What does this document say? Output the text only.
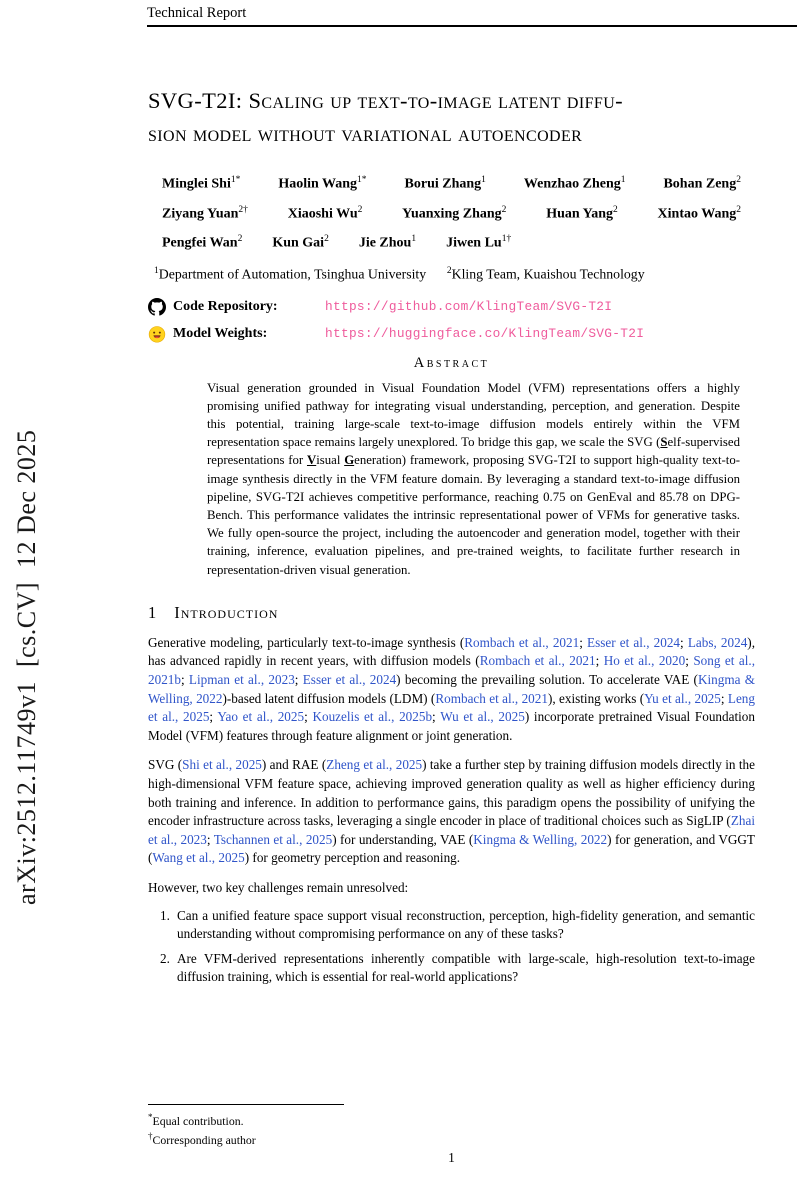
arXiv:2512.11749v1  [cs.CV]  12 Dec 2025
Technical Report
SVG-T2I: Scaling up text-to-image latent diffu-
sion model without variational autoencoder
Minglei Shi$^{1*}$	Haolin Wang$^{1*}$	Borui Zhang$^1$	Wenzhao Zheng$^1$	Bohan Zeng$^2$
Ziyang Yuan$^{2\dagger}$	Xiaoshi Wu$^2$	Yuanxing Zhang$^2$	Huan Yang$^2$	Xintao Wang$^2$
Pengfei Wan$^2$ Kun Gai$^2$ Jie Zhou$^1$ Jiwen $Lu^{1\dagger}$
$^1$Department of Automation, Tsinghua University $^2$Kling Team, Kuaishou Technology
Code Repository:	https://github.com/KlingTeam/SVG-T2I
Model Weights:	https://huggingface.co/KlingTeam/SVG-T2I
Abstract

Visual generation grounded in Visual Foundation Model (VFM) representations offers a highly promising unified pathway for integrating visual understanding, perception, and generation. Despite this potential, training large-scale text-to-image diffusion models entirely within the VFM representation space remains largely unexplored. To bridge this gap, we scale the SVG (Self-supervised representations for Visual Generation) framework, proposing SVG-T2I to support high-quality text-to-image synthesis directly in the VFM feature domain. By leveraging a standard text-to-image diffusion pipeline, SVG-T2I achieves competitive performance, reaching 0.75 on GenEval and 85.78 on DPG-Bench. This performance validates the intrinsic representational power of VFMs for generative tasks. We fully open-source the project, including the autoencoder and generation model, together with their training, inference, evaluation pipelines, and pre-trained weights, to facilitate further research in representation-driven visual generation.

1 Introduction

Generative modeling, particularly text-to-image synthesis (Rombach et al., 2021; Esser et al., 2024; Labs, 2024), has advanced rapidly in recent years, with diffusion models (Rombach et al., 2021; Ho et al., 2020; Song et al., 2021b; Lipman et al., 2023; Esser et al., 2024) becoming the prevailing solution. To accelerate VAE (Kingma & Welling, 2022)-based latent diffusion models (LDM) (Rombach et al., 2021), existing works (Yu et al., 2025; Leng et al., 2025; Yao et al., 2025; Kouzelis et al., 2025b; Wu et al., 2025) incorporate pretrained Visual Foundation Model (VFM) features through feature alignment or joint generation.

SVG (Shi et al., 2025) and RAE (Zheng et al., 2025) take a further step by training diffusion models directly in the high-dimensional VFM feature space, achieving improved generation quality as well as higher efficiency during both training and inference. In addition to performance gains, this paradigm opens the possibility of unifying the encoder infrastructure across tasks, leveraging a single encoder in place of traditional choices such as SigLIP (Zhai et al., 2023; Tschannen et al., 2025) for understanding, VAE (Kingma & Welling, 2022) for generation, and VGGT (Wang et al., 2025) for geometry perception and reasoning.

However, two key challenges remain unresolved:

1. Can a unified feature space support visual reconstruction, perception, high-fidelity generation, and semantic understanding without compromising performance on any of these tasks?
2. Are VFM-derived representations inherently compatible with large-scale, high-resolution text-to-image diffusion training, which is essential for real-world applications?
*Equal contribution.
†Corresponding author
1
